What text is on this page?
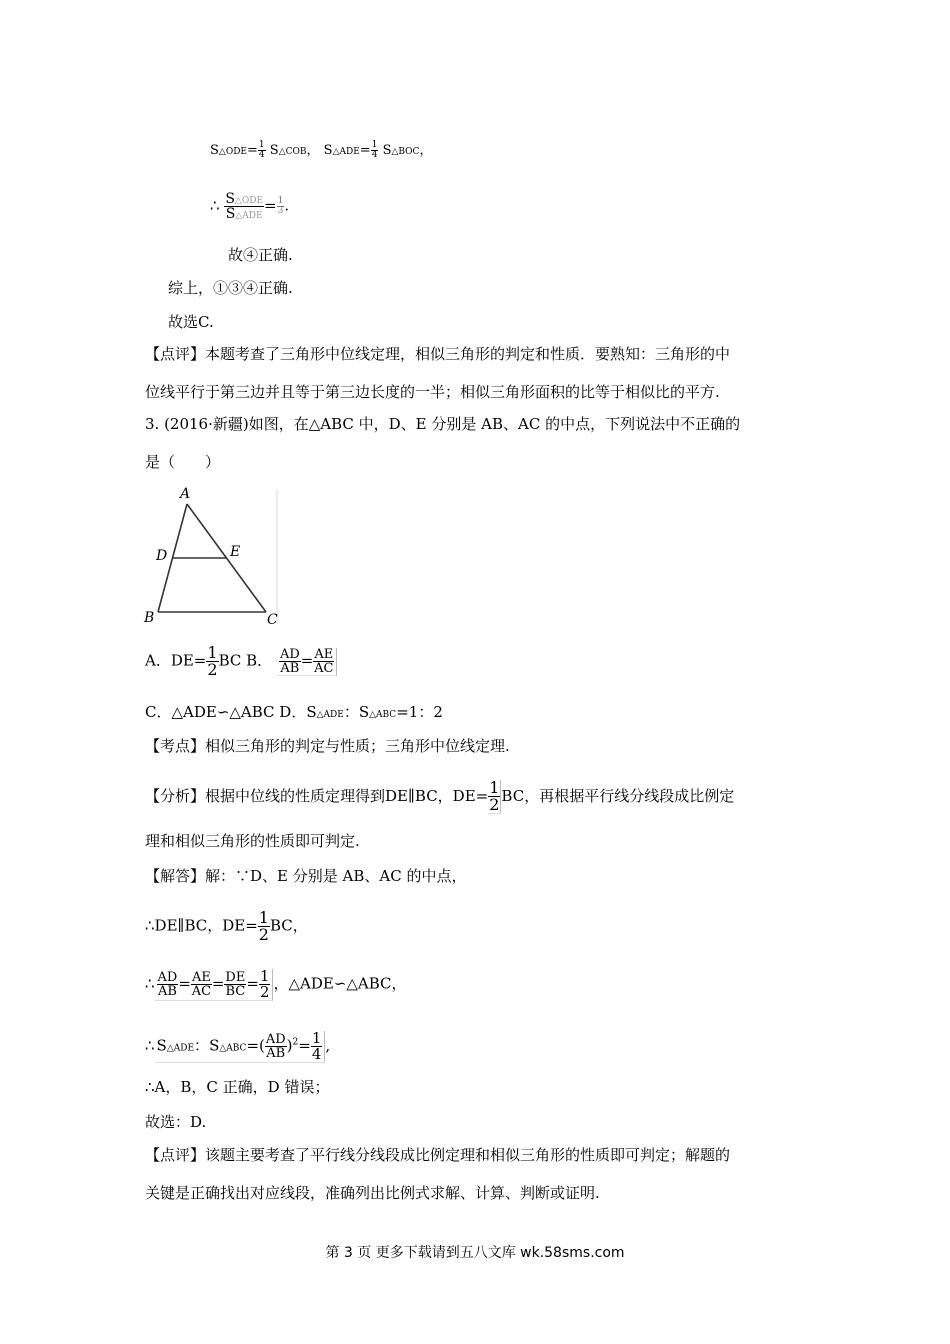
S△ODE= $\frac{1}{4}$ S△COB， S△ADE= $\frac{1}{4}$ S△BOC，
∴ $\frac{\text{S△ODE}}{\text{S△ADE}} = \frac{1}{3}$ .
故④正确.
综上，①③④正确.
故选C.
【点评】本题考查了三角形中位线定理，相似三角形的判定和性质．要熟知：三角形的中
位线平行于第三边并且等于第三边长度的一半；相似三角形面积的比等于相似比的平方.
3. (2016·新疆)如图，在△ABC 中，D、E 分别是 AB、AC 的中点，下列说法中不正确的
是（　　）
A
D	E
B	C
A．$DE= \frac{1}{2}$ BC B． $\frac{AD}{AB} = \frac{AE}{AC}$
C．△ADE∽△ABC D．S△ADE：S△ABC=1：2
【考点】相似三角形的判定与性质；三角形中位线定理.
【分析】根据中位线的性质定理得到DE∥BC，$DE= \frac{1}{2}$ BC，再根据平行线分线段成比例定
理和相似三角形的性质即可判定.
【解答】解：∵D、E 分别是 AB、AC 的中点，
∴DE∥BC，$DE= \frac{1}{2}$ BC，
∴ $\frac{AD}{AB} = \frac{AE}{AC} = \frac{DE}{BC} = \frac{1}{2}$ ，△ADE∽△ABC，
∴ S△ADE：S△ABC=( $\frac{AD}{AB} )^2= \frac{1}{4}$ ,
∴A，B，C 正确，D 错误；
故选：D.
【点评】该题主要考查了平行线分线段成比例定理和相似三角形的性质即可判定；解题的
关键是正确找出对应线段，准确列出比例式求解、计算、判断或证明.
第 3 页 更多下载请到五八文库 wk.58sms.com
